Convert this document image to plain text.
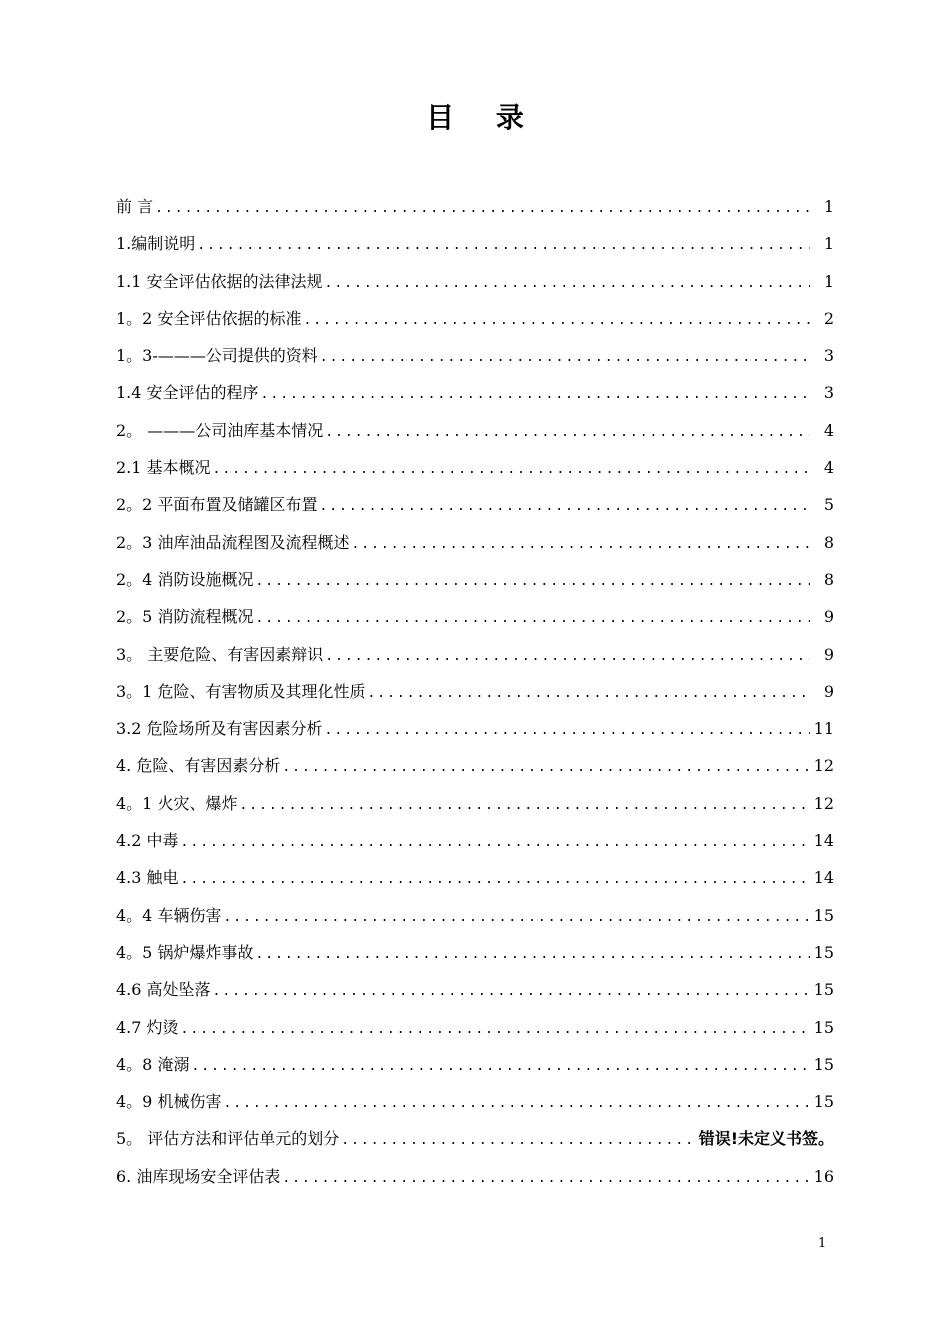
目 录
前 言 .....	1
1.编制说明 .....	1
1.1 安全评估依据的法律法规 .....	1
1。2 安全评估依据的标准 .....	2
1。3-———公司提供的资料 .....	3
1.4 安全评估的程序 .....	3
2。 ———公司油库基本情况 .....	4
2.1 基本概况 .....	4
2。2 平面布置及储罐区布置 .....	5
2。3 油库油品流程图及流程概述 .....	8
2。4 消防设施概况 .....	8
2。5 消防流程概况 .....	9
3。 主要危险、有害因素辩识 .....	9
3。1 危险、有害物质及其理化性质 .....	9
3.2 危险场所及有害因素分析 .....	11
4. 危险、有害因素分析 .....	12
4。1 火灾、爆炸 .....	12
4.2 中毒 .....	14
4.3 触电 .....	14
4。4 车辆伤害 .....	15
4。5 锅炉爆炸事故 .....	15
4.6 高处坠落 .....	15
4.7 灼烫 .....	15
4。8 淹溺 .....	15
4。9 机械伤害 .....	15
5。 评估方法和评估单元的划分 .....	错误!未定义书签。
6. 油库现场安全评估表 .....	16
1
